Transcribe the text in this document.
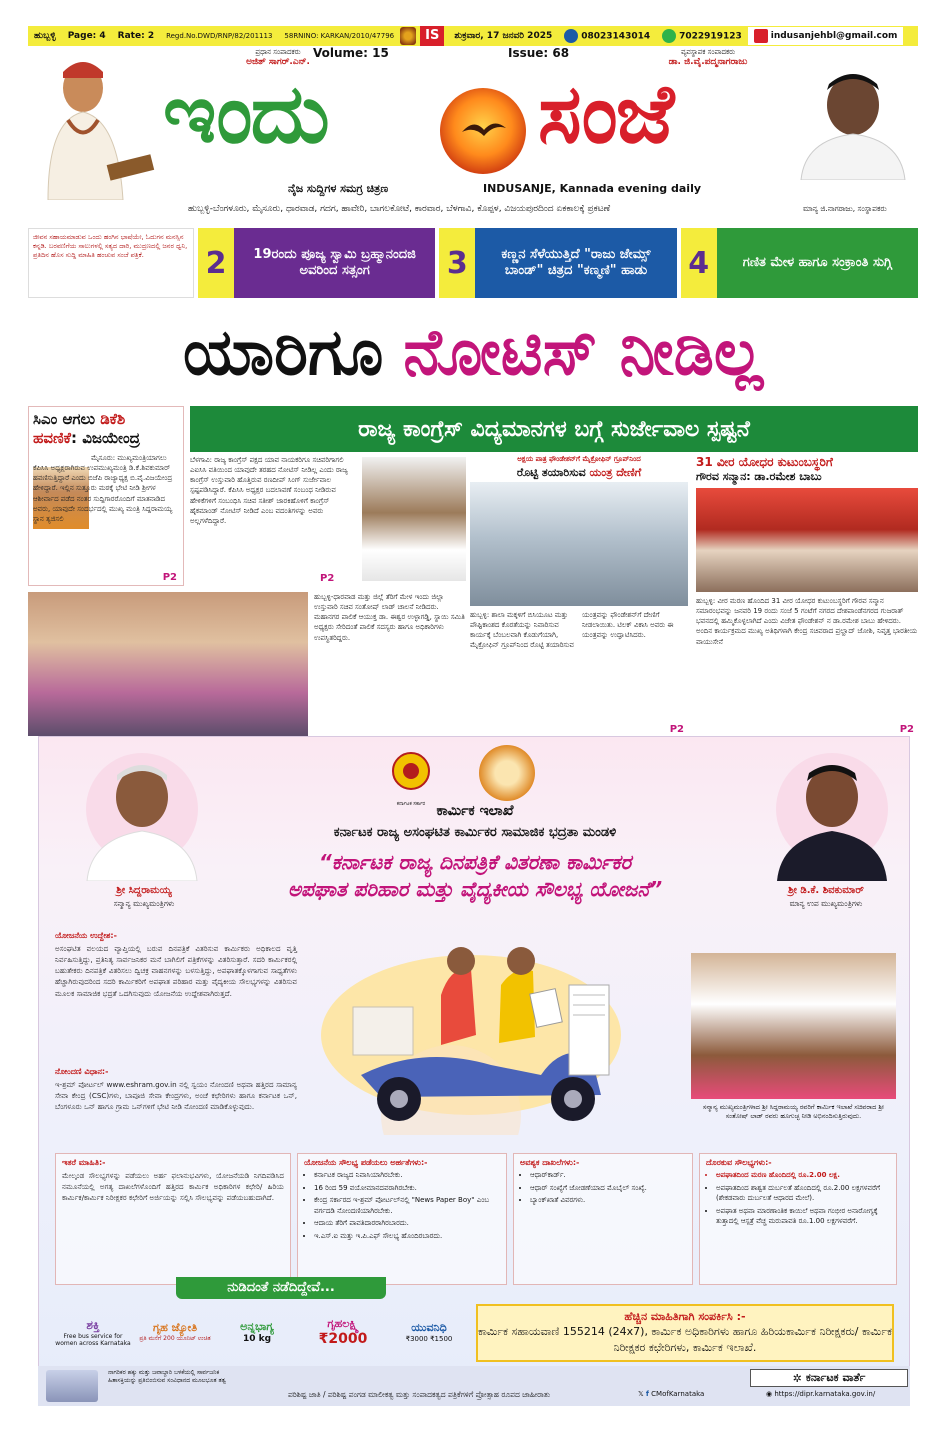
ಹುಬ್ಬಳ್ಳಿ	Page: 4	Rate: 2	Regd.No.DWD/RNP/82/201113	58RNINO: KARKAN/2010/47796	IS	ಶುಕ್ರವಾರ, 17 ಜನವರಿ 2025	08023143014	7022919123	indusanjehbl@gmail.com
ಪ್ರಧಾನ ಸಂಪಾದಕರು
ಅಜಿತ್ ಸಾಗರ್.ಎನ್.
Volume: 15	Issue: 68	ವ್ಯವಸ್ಥಾಪಕ ಸಂಪಾದಕರು
ಡಾ. ಜಿ.ವೈ.ಪದ್ಮನಾಗರಾಜು
ಇಂದು	ಸಂಜೆ
ನೈಜ ಸುದ್ದಿಗಳ ಸಮಗ್ರ ಚಿತ್ರಣ	INDUSANJE, Kannada evening daily
ಹುಬ್ಬಳ್ಳಿ-ಬೆಂಗಳೂರು, ಮೈಸೂರು, ಧಾರವಾಡ, ಗದಗ, ಹಾವೇರಿ, ಬಾಗಲಕೋಟೆ, ಕಾರವಾರ, ಬೆಳಗಾವಿ, ಕೊಪ್ಪಳ, ವಿಜಯಪುರದಿಂದ ಏಕಕಾಲಕ್ಕೆ ಪ್ರಕಟಣೆ	ಮಾನ್ಯ ಜಿ.ನಾಗರಾಜು, ಸಂಸ್ಥಾಪಕರು
ಜೀವನ ಸಹಾಯಮಾಡುವ ಒಂದು ಹಂಗಿನ ಭಾಷೆಯೇ, ಓದುಗನ ಮನಸ್ಸಿನ ಕನ್ನಡಿ. ಬರವಣಿಗೆಯ ಸಾಲುಗಳಲ್ಲಿ ಸತ್ಯದ ದಾರಿ, ಮುದ್ರಣದಲ್ಲಿ ಜನರ ಧ್ವನಿ, ಪ್ರತಿದಿನ ಹೊಸ ಸುದ್ದಿ ಮಾಹಿತಿ ಹಂಚುವ ಸಂಜೆ ಪತ್ರಿಕೆ.	2	19ರಂದು ಪೂಜ್ಯ ಸ್ವಾಮಿ ಬ್ರಹ್ಮಾನಂದಜಿ ಅವರಿಂದ ಸತ್ಸಂಗ	3	ಕಣ್ಣನ ಸೆಳೆಯುತ್ತಿದೆ "ರಾಜು ಜೇಮ್ಸ್ ಬಾಂಡ್" ಚಿತ್ರದ "ಕಣ್ಮಣಿ" ಹಾಡು	4	ಗಣಿತ ಮೇಳ ಹಾಗೂ ಸಂಕ್ರಾಂತಿ ಸುಗ್ಗಿ
ಯಾರಿಗೂ ನೋಟಿಸ್ ನೀಡಿಲ್ಲ
ರಾಜ್ಯ ಕಾಂಗ್ರೆಸ್ ವಿದ್ಯಮಾನಗಳ ಬಗ್ಗೆ ಸುರ್ಜೇವಾಲ ಸ್ಪಷ್ಟನೆ
ಸಿಎಂ ಆಗಲು ಡಿಕೆಶಿ
ಹವಣಿಕೆ: ವಿಜಯೇಂದ್ರ
ಮೈಸೂರು: ಮುಖ್ಯಮಂತ್ರಿಯಾಗಲು ಕೆಪಿಸಿಸಿ ಅಧ್ಯಕ್ಷರಾಗಿರುವ ಉಪಮುಖ್ಯಮಂತ್ರಿ ಡಿ.ಕೆ.ಶಿವಕುಮಾರ್ ಹವಣಿಸುತ್ತಿದ್ದಾರೆ ಎಂದು ಬಿಜೆಪಿ ರಾಜ್ಯಾಧ್ಯಕ್ಷ ಬಿ.ವೈ.ವಿಜಯೇಂದ್ರ ಹೇಳಿದ್ದಾರೆ. ಇಲ್ಲಿನ ಸುತ್ತೂರು ಮಠಕ್ಕೆ ಭೇಟಿ ನೀಡಿ ಶ್ರೀಗಳ ಆಶೀರ್ವಾದ ಪಡೆದ ನಂತರ ಸುದ್ದಿಗಾರರೊಂದಿಗೆ ಮಾತನಾಡಿದ ಅವರು, ಯಾವುದೇ ಸಂದರ್ಭದಲ್ಲಿ ಮುಖ್ಯ ಮಂತ್ರಿ ಸಿದ್ದರಾಮಯ್ಯ ಸ್ಥಾನ ತ್ಯಜಿಸಲಿ
P2
ಬೆಳಗಾವಿ: ರಾಜ್ಯ ಕಾಂಗ್ರೆಸ್ ಪಕ್ಷದ ಯಾವ ನಾಯಕರಿಗೂ ಸಚಿವರಿಗಾಗಲಿ ಎಐಸಿಸಿ ವತಿಯಿಂದ ಯಾವುದೇ ತರಹದ ನೋಟಿಸ್ ನೀಡಿಲ್ಲ ಎಂದು ರಾಜ್ಯ ಕಾಂಗ್ರೆಸ್ ಉಸ್ತುವಾರಿ ಹೊತ್ತಿರುವ ರಣದೀಪ್ ಸಿಂಗ್ ಸುರ್ಜೇವಾಲ ಸ್ಪಷ್ಟಪಡಿಸಿದ್ದಾರೆ. ಕೆಪಿಸಿಸಿ ಅಧ್ಯಕ್ಷರ ಬದಲಾವಣೆ ಸಂಬಂಧ ನೀಡಿರುವ ಹೇಳಿಕೆಗಳಿಗೆ ಸಂಬಂಧಿಸಿ ಸಚಿವ ಸತೀಶ್ ಜಾರಕಿಹೊಳಿಗೆ ಕಾಂಗ್ರೆಸ್ ಹೈಕಮಾಂಡ್ ನೋಟಿಸ್ ನೀಡಿದೆ ಎಂಬ ವದಂತಿಗಳನ್ನು ಅವರು ಅಲ್ಲಗಳೆದಿದ್ದಾರೆ.
P2
ಅಕ್ಷಯ ಪಾತ್ರ ಫೌಂಡೇಶನ್‌ಗೆ ಮೈಕ್ರೋಫಿನ್ ಗ್ರೂಪ್‌ನಿಂದ
ರೊಟ್ಟಿ ತಯಾರಿಸುವ ಯಂತ್ರ ದೇಣಿಗೆ
ಹುಬ್ಬಳ್ಳಿ: ಶಾಲಾ ಮಕ್ಕಳಿಗೆ ಬಿಸಿಯೂಟ ಮತ್ತು ಪೌಷ್ಟಿಕಾಂಶದ ಕೊರತೆಯನ್ನು ನಿವಾರಿಸುವ ಕಾರ್ಯಕ್ಕೆ ಬೆಂಬಲವಾಗಿ ಕೊಡುಗೆಯಾಗಿ, ಮೈಕ್ರೋಫಿನ್ ಗ್ರೂಪ್‌ನಿಂದ ರೊಟ್ಟಿ ತಯಾರಿಸುವ ಯಂತ್ರವನ್ನು ಫೌಂಡೇಶನ್‌ಗೆ ದೇಣಿಗೆ ನೀಡಲಾಯಿತು. ಟಿಲಕ್ ವಿಕಾಸಿ ಅವರು ಈ ಯಂತ್ರವನ್ನು ಉದ್ಘಾಟಿಸಿದರು.
P2
31 ವೀರ ಯೋಧರ ಕುಟುಂಬಸ್ಥರಿಗೆ
ಗೌರವ ಸನ್ಮಾನ: ಡಾ.ರಮೇಶ ಬಾಬು
ಹುಬ್ಬಳ್ಳಿ: ವೀರ ಮರಣ ಹೊಂದಿದ 31 ವೀರ ಯೋಧರ ಕುಟುಂಬಸ್ಥರಿಗೆ ಗೌರವ ಸನ್ಮಾನ ಸಮಾರಂಭವನ್ನು ಜನವರಿ 19 ರಂದು ಸಂಜೆ 5 ಗಂಟೆಗೆ ನಗರದ ದೇಶಪಾಂಡೆನಗರದ ಗುಜರಾತ್ ಭವನದಲ್ಲಿ ಹಮ್ಮಿಕೊಳ್ಳಲಾಗಿದೆ ಎಂದು ವಿಜೇತ ಫೌಂಡೇಶನ್ ನ ಡಾ.ರಮೇಶ ಬಾಬು ಹೇಳಿದರು. ಅಂದಿನ ಕಾರ್ಯಕ್ರಮದ ಮುಖ್ಯ ಅತಿಥಿಗಳಾಗಿ ಕೇಂದ್ರ ಸಚಿವರಾದ ಪ್ರಲ್ಹಾದ್ ಜೋಶಿ, ನಿವೃತ್ತ ಭಾರತೀಯ ವಾಯುಸೇನೆ
P2
ಹುಬ್ಬಳ್ಳಿ-ಧಾರವಾಡ ಮತ್ತು ಜಿಲ್ಲೆ ತೆರಿಗೆ ಮೇಳ ಇಂದು ಜಿಲ್ಲಾ ಉಸ್ತುವಾರಿ ಸಚಿವ ಸಂತೋಷ್ ಲಾಡ್ ಚಾಲನೆ ನೀಡಿದರು. ಮಹಾನಗರ ಪಾಲಿಕೆ ಆಯುಕ್ತ ಡಾ. ಈಶ್ವರ ಉಳ್ಳಾಗಡ್ಡಿ, ಸ್ಥಾಯಿ ಸಮಿತಿ ಅಧ್ಯಕ್ಷರು ಸೇರಿದಂತೆ ಪಾಲಿಕೆ ಸದಸ್ಯರು ಹಾಗೂ ಅಧಿಕಾರಿಗಳು ಉಪಸ್ಥಿತರಿದ್ದರು.
ಕರ್ನಾಟಕ ಸರ್ಕಾರ ಕಾರ್ಮಿಕ ಇಲಾಖೆ
ಕರ್ನಾಟಕ ರಾಜ್ಯ ಅಸಂಘಟಿತ ಕಾರ್ಮಿಕರ ಸಾಮಾಜಿಕ ಭದ್ರತಾ ಮಂಡಳಿ
“ಕರ್ನಾಟಕ ರಾಜ್ಯ ದಿನಪತ್ರಿಕೆ ವಿತರಣಾ ಕಾರ್ಮಿಕರ
ಅಪಘಾತ ಪರಿಹಾರ ಮತ್ತು ವೈದ್ಯಕೀಯ ಸೌಲಭ್ಯ ಯೋಜನೆ”
ಶ್ರೀ ಸಿದ್ದರಾಮಯ್ಯ
ಸನ್ಮಾನ್ಯ ಮುಖ್ಯಮಂತ್ರಿಗಳು
ಶ್ರೀ ಡಿ.ಕೆ. ಶಿವಕುಮಾರ್
ಮಾನ್ಯ ಉಪ ಮುಖ್ಯಮಂತ್ರಿಗಳು
ಯೋಜನೆಯ ಉದ್ದೇಶ:-
ಅಸಂಘಟಿತ ವಲಯದ ವ್ಯಾಪ್ತಿಯಲ್ಲಿ ಬರುವ ದಿನಪತ್ರಿಕೆ ವಿತರಿಸುವ ಕಾರ್ಮಿಕರು ಅಧಿಕಾಲದ ವೃತ್ತಿ ನಿರ್ವಹಿಸುತ್ತಿದ್ದು, ಪ್ರತಿನಿತ್ಯ ಸಾರ್ವಜನಿಕರ ಮನೆ ಬಾಗಿಲಿಗೆ ಪತ್ರಿಕೆಗಳನ್ನು ವಿತರಿಸುತ್ತಾರೆ. ಸದರಿ ಕಾರ್ಮಿಕರಲ್ಲಿ ಬಹುತೇಕರು ದಿನಪತ್ರಿಕೆ ವಿತರಿಸಲು ದ್ವಿಚಕ್ರ ವಾಹನಗಳನ್ನು ಬಳಸುತ್ತಿದ್ದು, ಅಪಘಾತಕ್ಕೊಳಗಾಗುವ ಸಾಧ್ಯತೆಗಳು ಹೆಚ್ಚಾಗಿರುವುದರಿಂದ ಸದರಿ ಕಾರ್ಮಿಕರಿಗೆ ಅಪಘಾತ ಪರಿಹಾರ ಮತ್ತು ವೈದ್ಯಕೀಯ ಸೌಲಭ್ಯಗಳನ್ನು ವಿತರಿಸುವ ಮೂಲಕ ಸಾಮಾಜಿಕ ಭದ್ರತೆ ಒದಗಿಸುವುದು ಯೋಜನೆಯ ಉದ್ದೇಶವಾಗಿರುತ್ತದೆ.
ನೋಂದಣಿ ವಿಧಾನ:-
ಇ-ಶ್ರಮ್ ಪೋರ್ಟಲ್ www.eshram.gov.in ನಲ್ಲಿ ಸ್ವಯಂ ನೋಂದಣಿ ಅಥವಾ ಹತ್ತಿರದ ಸಾಮಾನ್ಯ ಸೇವಾ ಕೇಂದ್ರ (CSC)ಗಳು, ಬಾಪೂಜಿ ಸೇವಾ ಕೇಂದ್ರಗಳು, ಅಂಚೆ ಕಛೇರಿಗಳು ಹಾಗೂ ಕರ್ನಾಟಕ ಒನ್, ಬೆಂಗಳೂರು ಒನ್ ಹಾಗೂ ಗ್ರಾಮ ಒನ್‌ಗಳಿಗೆ ಭೇಟಿ ನೀಡಿ ನೋಂದಣಿ ಮಾಡಿಕೊಳ್ಳುವುದು.	ಸನ್ಮಾನ್ಯ ಮುಖ್ಯಮಂತ್ರಿಗಳಾದ ಶ್ರೀ ಸಿದ್ದರಾಮಯ್ಯ ರವರಿಗೆ ಕಾರ್ಮಿಕ ಇಲಾಖೆ ಸಚಿವರಾದ ಶ್ರೀ ಸಂತೋಷ್ ಲಾಡ್ ರವರು ಹೂಗುಚ್ಛ ನೀಡಿ ಅಭಿನಂದಿಸುತ್ತಿರುವುದು.
ಇತರೆ ಮಾಹಿತಿ:-
ಮೇಲ್ಕಂಡ ಸೌಲಭ್ಯಗಳನ್ನು ಪಡೆಯಲು ಅರ್ಹ ಫಲಾನುಭವಿಗಳು, ಯೋಜನೆಯಡಿ ನಿಗದಿಪಡಿಸಿದ ನಮೂನೆಯಲ್ಲಿ ಅಗತ್ಯ ದಾಖಲೆಗಳೊಂದಿಗೆ ಹತ್ತಿರದ ಕಾರ್ಮಿಕ ಅಧಿಕಾರಿಗಳ ಕಛೇರಿ/ ಹಿರಿಯ ಕಾರ್ಮಿಕ/ಕಾರ್ಮಿಕ ನಿರೀಕ್ಷಕರ ಕಛೇರಿಗೆ ಅರ್ಜಿಯನ್ನು ಸಲ್ಲಿಸಿ ಸೌಲಭ್ಯವನ್ನು ಪಡೆಯಬಹುದಾಗಿದೆ.
ಯೋಜನೆಯ ಸೌಲಭ್ಯ ಪಡೆಯಲು ಅರ್ಹತೆಗಳು:-
• ಕರ್ನಾಟಕ ರಾಜ್ಯದ ನಿವಾಸಿಯಾಗಿರಬೇಕು.
• 16 ರಿಂದ 59 ವಯೋಮಾನದವರಾಗಿರಬೇಕು.
• ಕೇಂದ್ರ ಸರ್ಕಾರದ ಇ-ಶ್ರಮ್ ಪೋರ್ಟಲ್‌ನಲ್ಲಿ "News Paper Boy" ಎಂಬ ವರ್ಗದಡಿ ನೋಂದಣಿಯಾಗಿರಬೇಕು.
• ಆದಾಯ ತೆರಿಗೆ ಪಾವತಿದಾರರಾಗಿರಬಾರದು.
• ಇ.ಎಸ್.ಐ ಮತ್ತು ಇ.ಪಿ.ಎಫ್ ಸೌಲಭ್ಯ ಹೊಂದಿರಬಾರದು.
ಅವಶ್ಯಕ ದಾಖಲೆಗಳು:-
• ಆಧಾರ್‌ಕಾರ್ಡ್.
• ಆಧಾರ್ ಸಂಖ್ಯೆಗೆ ಜೋಡಣೆಯಾದ ಮೊಬೈಲ್ ಸಂಖ್ಯೆ.
• ಬ್ಯಾಂಕ್‌ಖಾತೆ ವಿವರಗಳು.
ದೊರಕುವ ಸೌಲಭ್ಯಗಳು:-
• ಅಪಘಾತದಿಂದ ಮರಣ ಹೊಂದಿದಲ್ಲಿ ರೂ.2.00 ಲಕ್ಷ.
• ಅಪಘಾತದಿಂದ ಶಾಶ್ವತ ದುರ್ಬಲತೆ ಹೊಂದಿದಲ್ಲಿ ರೂ.2.00 ಲಕ್ಷಗಳವರೆಗೆ (ಶೇಕಡವಾರು ದುರ್ಬಲತೆ ಆಧಾರದ ಮೇಲೆ).
• ಅಪಘಾತ ಅಥವಾ ಮಾರಣಾಂತಿಕ ಕಾಯಿಲೆ ಅಥವಾ ಗಂಭೀರ ಅನಾರೋಗ್ಯಕ್ಕೆ ತುತ್ತಾದಲ್ಲಿ ಆಸ್ಪತ್ರೆ ವೆಚ್ಚ ಮರುಪಾವತಿ ರೂ.1.00 ಲಕ್ಷಗಳವರೆಗೆ.
ಶಕ್ತಿ
Free bus service for women across Karnataka
ಗೃಹ ಜ್ಯೋತಿ
ಪ್ರತಿ ಮನೆಗೆ 200 ಯೂನಿಟ್ ಉಚಿತ
ಅನ್ನಭಾಗ್ಯ
10 kg
ಗೃಹಲಕ್ಷ್ಮಿ
₹2000
ಯುವನಿಧಿ
₹3000 ₹1500
ನುಡಿದಂತೆ ನಡೆದಿದ್ದೇವೆ...
ಹೆಚ್ಚಿನ ಮಾಹಿತಿಗಾಗಿ ಸಂಪರ್ಕಿಸಿ :-
ಕಾರ್ಮಿಕ ಸಹಾಯವಾಣಿ 155214 (24x7), ಕಾರ್ಮಿಕ ಅಧಿಕಾರಿಗಳು ಹಾಗೂ ಹಿರಿಯಕಾರ್ಮಿಕ ನಿರೀಕ್ಷಕರು/ ಕಾರ್ಮಿಕ ನಿರೀಕ್ಷಕರ ಕಛೇರಿಗಳು, ಕಾರ್ಮಿಕ ಇಲಾಖೆ.
ನಾಗರಿಕರ ಹಕ್ಕು ಮತ್ತು ಜವಾಬ್ದಾರಿ ಬಳಕೆಯಲ್ಲಿ ಸಾರ್ವಜನಿಕ ಹಿತಾಸಕ್ತಿಯನ್ನು ಪ್ರತಿಬಿಂಬಿಸುವ ಸಂವಿಧಾನದ ಮೂಲಭೂತ ತತ್ವ
ಪರಿಶಿಷ್ಟ ಜಾತಿ / ಪರಿಶಿಷ್ಟ ಪಂಗಡ ಮಾಲೀಕತ್ವ ಮತ್ತು ಸಂಪಾದಕತ್ವದ ಪತ್ರಿಕೆಗಳಿಗೆ ಪ್ರೋತ್ಸಾಹ ರೂಪದ ಜಾಹೀರಾತು	𝕏 f CMofKarnataka	◉ https://dipr.karnataka.gov.in/
✲ ಕರ್ನಾಟಕ ವಾರ್ತೆ
